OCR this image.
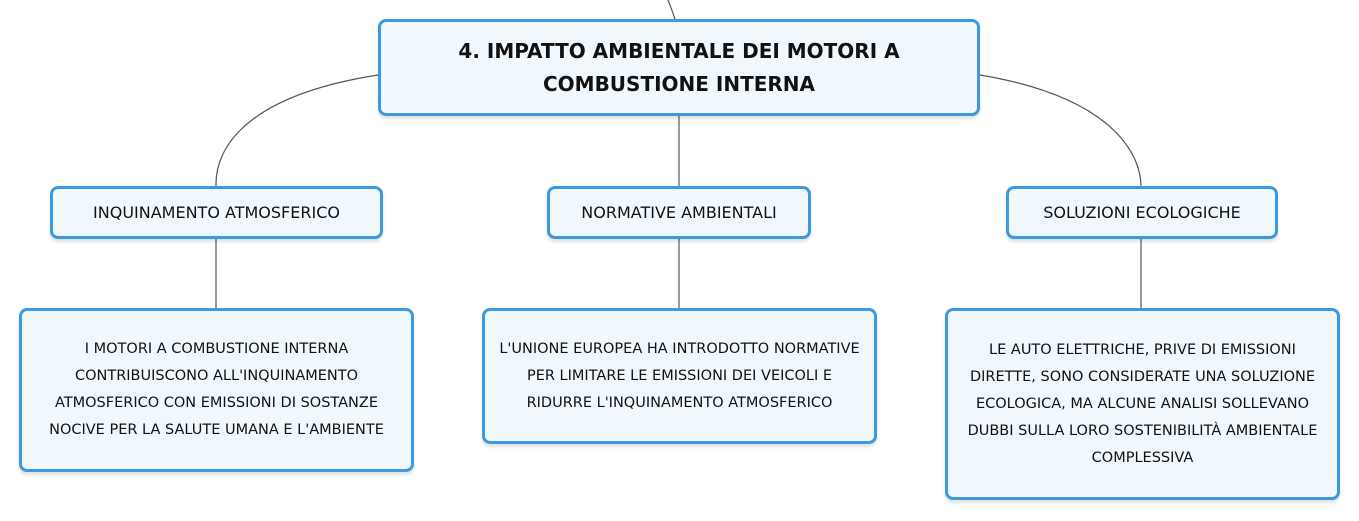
4. IMPATTO AMBIENTALE DEI MOTORI A COMBUSTIONE INTERNA
INQUINAMENTO ATMOSFERICO	NORMATIVE AMBIENTALI	SOLUZIONI ECOLOGICHE
I MOTORI A COMBUSTIONE INTERNA CONTRIBUISCONO ALL'INQUINAMENTO ATMOSFERICO CON EMISSIONI DI SOSTANZE NOCIVE PER LA SALUTE UMANA E L'AMBIENTE
L'UNIONE EUROPEA HA INTRODOTTO NORMATIVE PER LIMITARE LE EMISSIONI DEI VEICOLI E RIDURRE L'INQUINAMENTO ATMOSFERICO
LE AUTO ELETTRICHE, PRIVE DI EMISSIONI DIRETTE, SONO CONSIDERATE UNA SOLUZIONE ECOLOGICA, MA ALCUNE ANALISI SOLLEVANO DUBBI SULLA LORO SOSTENIBILITÀ AMBIENTALE COMPLESSIVA
